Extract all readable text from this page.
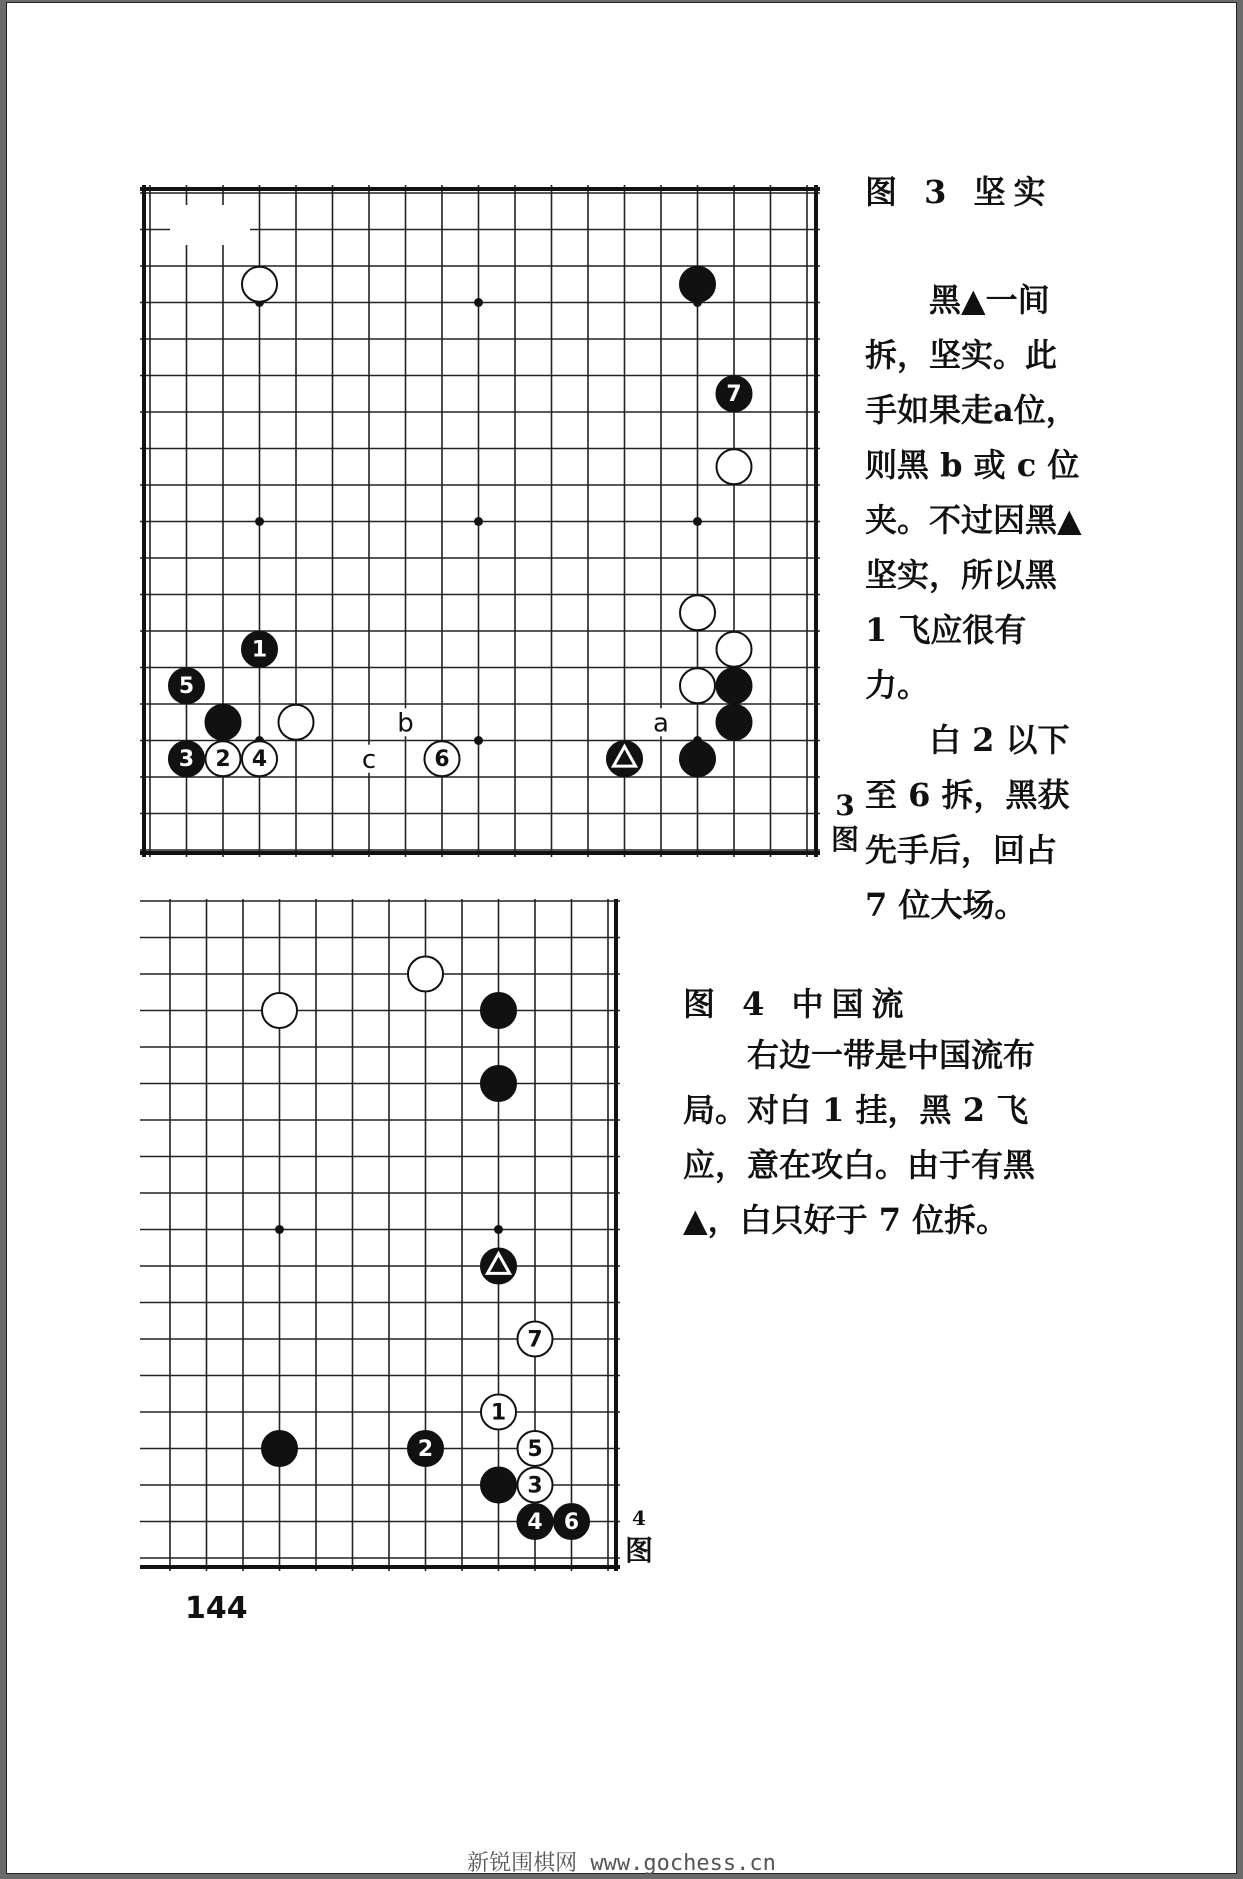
7
1
5
3 2 4	6
a
b
c
3
图
图 3 坚实

黑▲一间拆，坚实。此手如果走a位，则黑 b 或 c 位夹。不过因黑▲坚实，所以黑 1 飞应很有力。

白 2 以下至 6 拆，黑获先手后，回占 7 位大场。

7
1
2	5
3
4 6	4
图
图 4 中国流

右边一带是中国流布局。对白 1 挂，黑 2 飞应，意在攻白。由于有黑▲，白只好于 7 位拆。

144
新锐围棋网 www.gochess.cn
